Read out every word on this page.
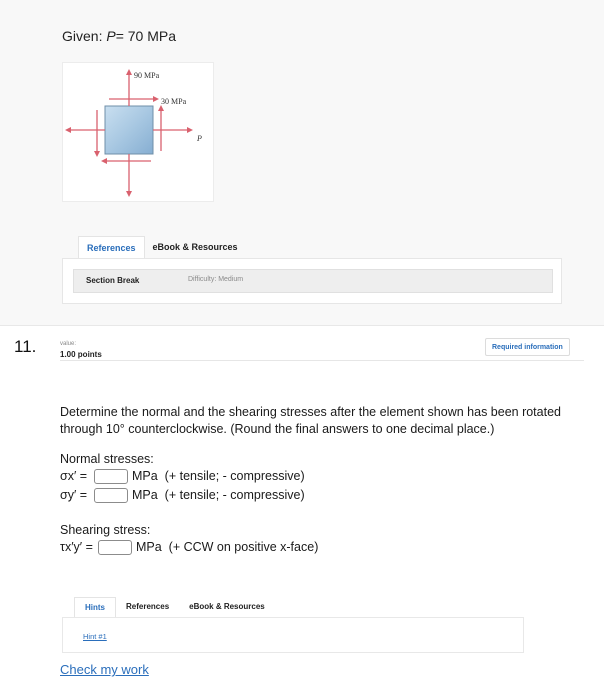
Given: P= 70 MPa
90 MPa
30 MPa
P
References	eBook & Resources
Section Break	Difficulty: Medium
11.	value:
1.00 points
Required information
Determine the normal and the shearing stresses after the element shown has been rotated through 10° counterclockwise. (Round the final answers to one decimal place.)
Normal stresses:
σx′ =	MPa
(+ tensile; - compressive)
σy′ =	MPa
(+ tensile; - compressive)
Shearing stress:
τx′y′ =	MPa
(+ CCW on positive x-face)
Hints	References	eBook & Resources
Hint #1
Check my work
